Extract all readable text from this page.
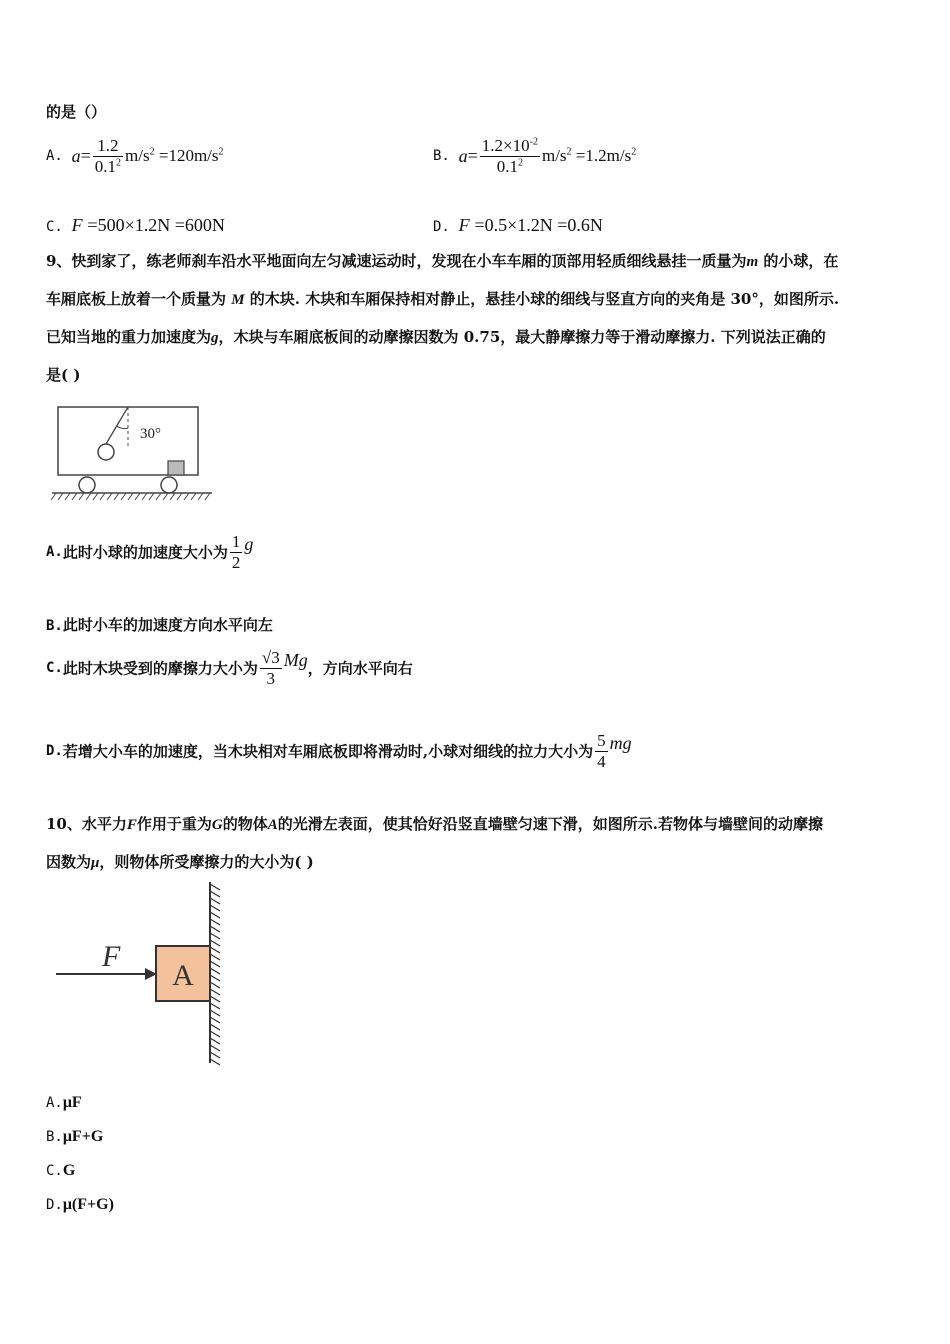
的是（）
A. $a= \frac{1.2}{0.1^2} m/s^2 =120m/s^2$	B. $a= \frac{1.2\times 10^{-2}}{0.1^2} m/s^2 =1.2m/s^2$
C. F =500×1.2N =600N	D. F =0.5×1.2N =0.6N
9、快到家了，练老师刹车沿水平地面向左匀减速运动时，发现在小车车厢的顶部用轻质细线悬挂一质量为m 的小球，在
车厢底板上放着一个质量为 M 的木块. 木块和车厢保持相对静止，悬挂小球的细线与竖直方向的夹角是 30°，如图所示.
已知当地的重力加速度为g，木块与车厢底板间的动摩擦因数为 0.75，最大静摩擦力等于滑动摩擦力. 下列说法正确的
是( )
30°
A.此时小球的加速度大小为 $\frac{1}{2}$ g
B.此时小车的加速度方向水平向左
C.此时木块受到的摩擦力大小为 $\frac{√3}{3}$ Mg，方向水平向右
D.若增大小车的加速度，当木块相对车厢底板即将滑动时,小球对细线的拉力大小为 $\frac{5}{4}$ mg
10、水平力F作用于重为G的物体A的光滑左表面，使其恰好沿竖直墙壁匀速下滑，如图所示.若物体与墙壁间的动摩擦
因数为μ，则物体所受摩擦力的大小为( )
F
A
A.μF
B.μF+G
C.G
D.μ(F+G)
